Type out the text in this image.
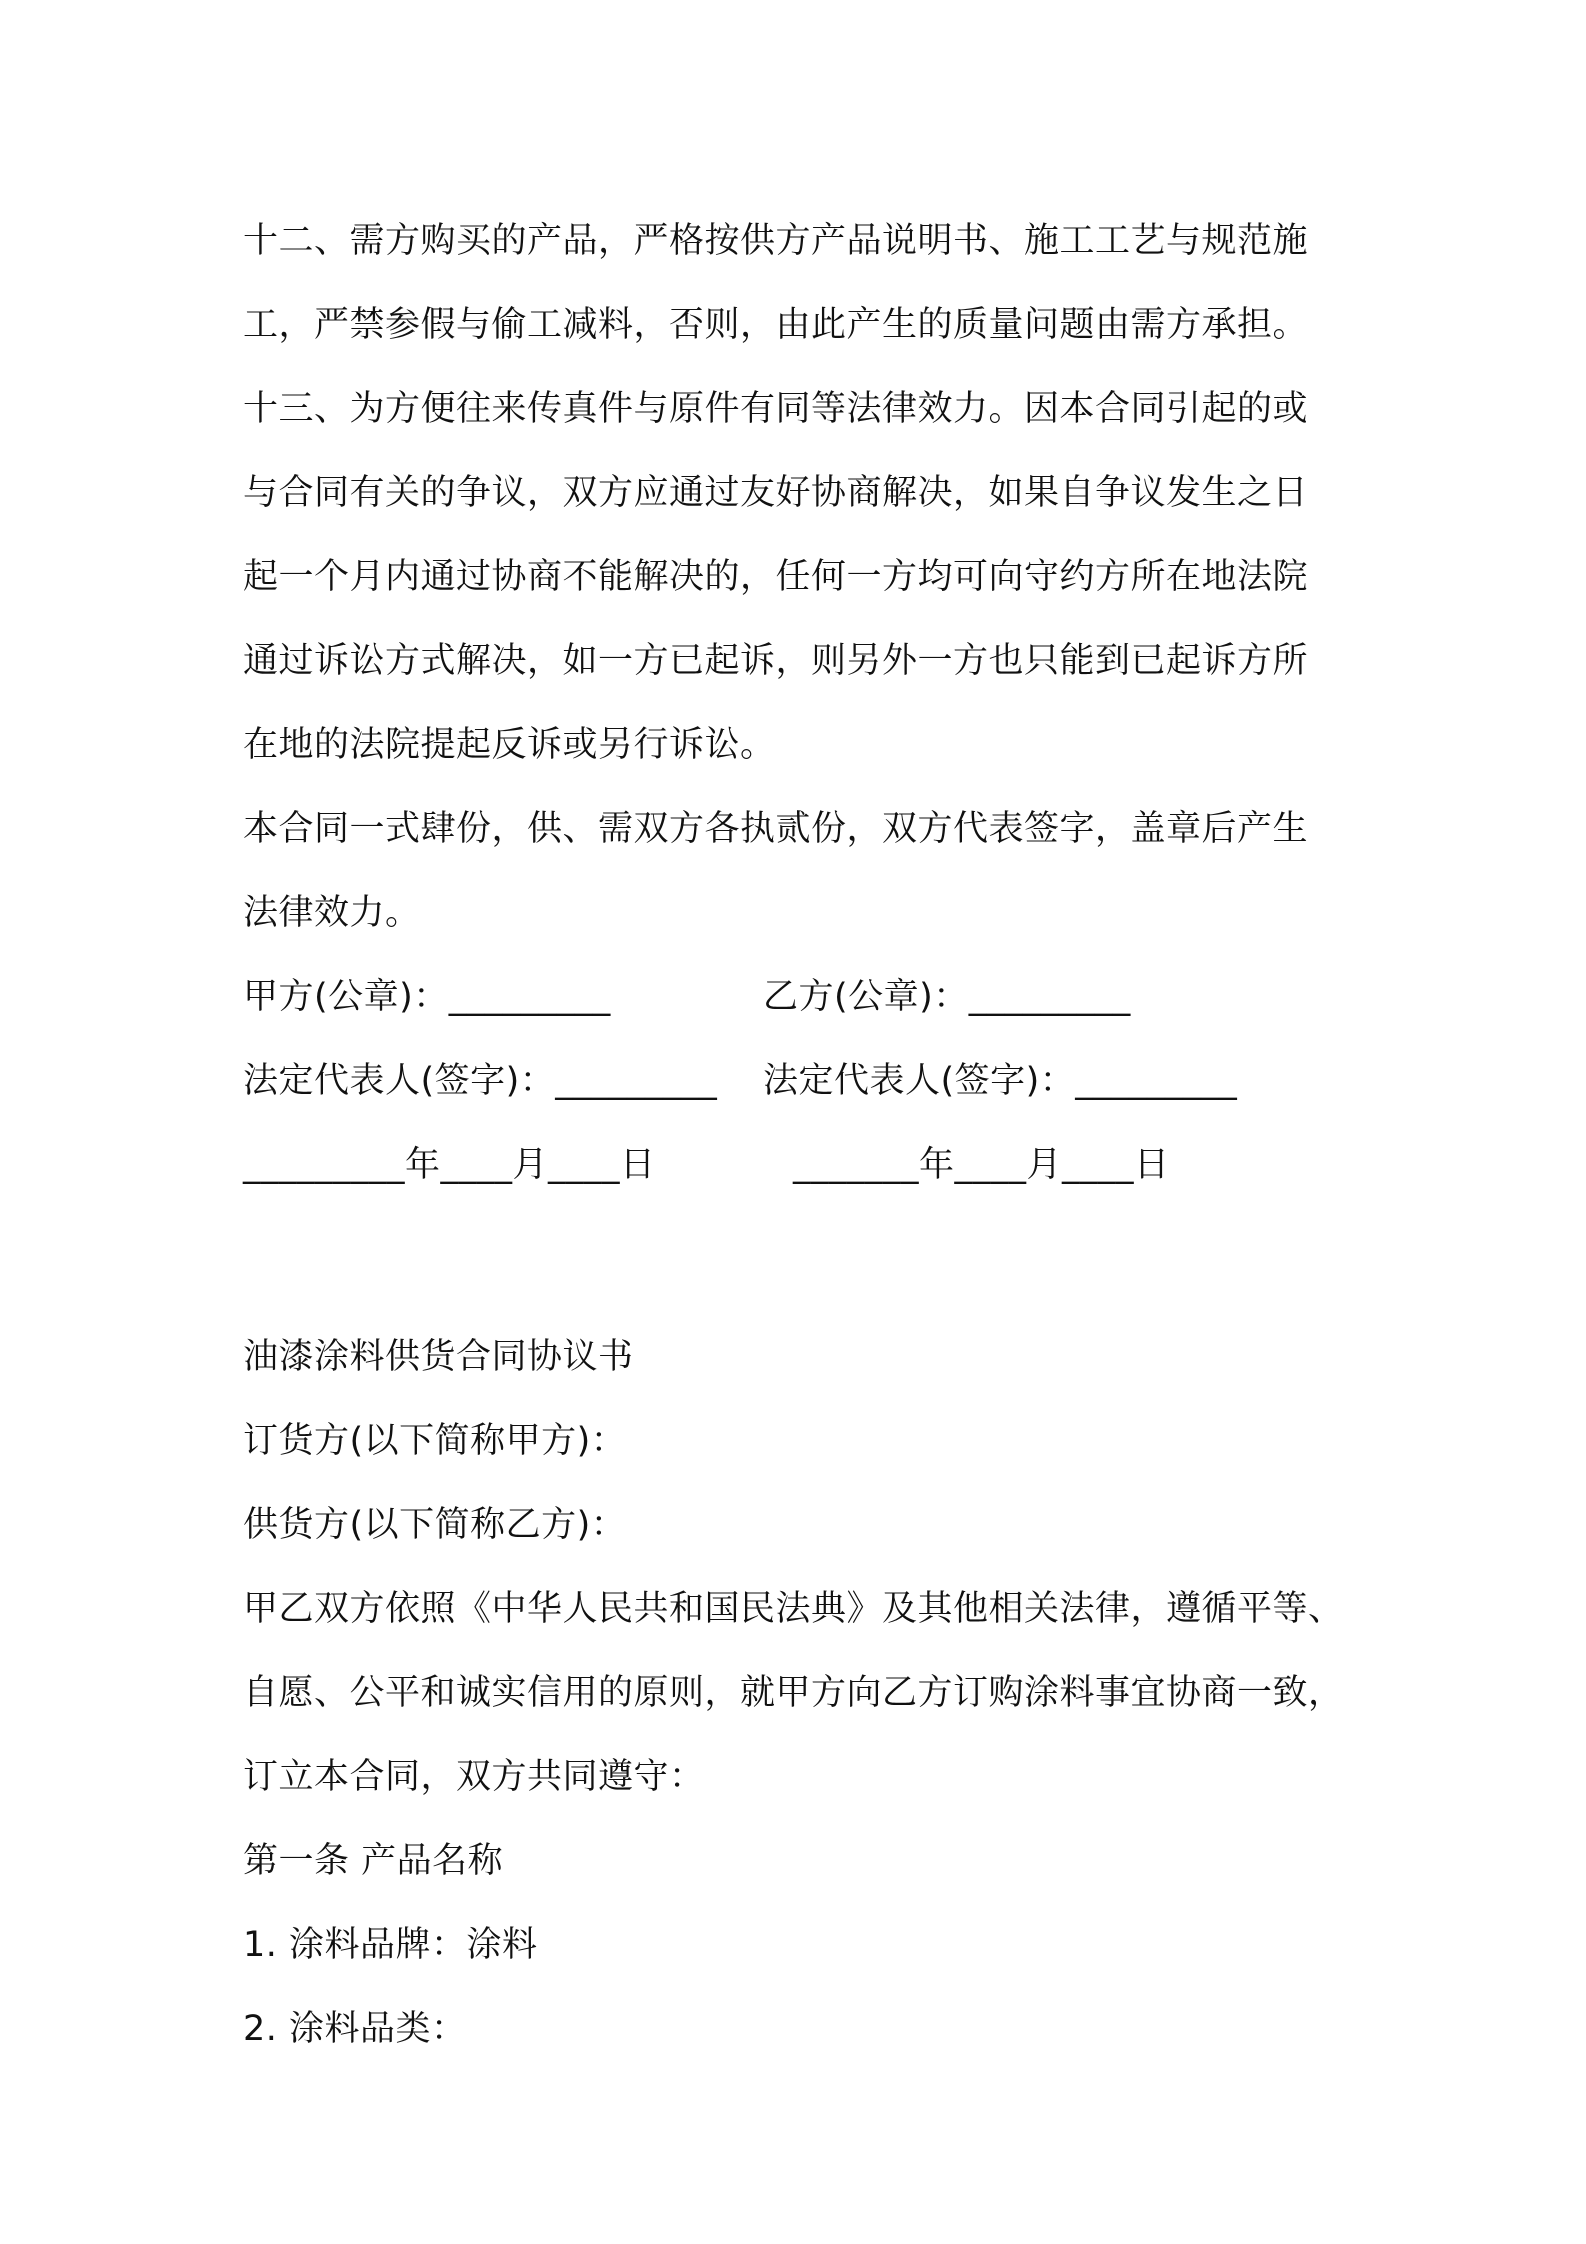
十二、需方购买的产品，严格按供方产品说明书、施工工艺与规范施
工，严禁参假与偷工减料，否则，由此产生的质量问题由需方承担。
十三、为方便往来传真件与原件有同等法律效力。因本合同引起的或
与合同有关的争议，双方应通过友好协商解决，如果自争议发生之日
起一个月内通过协商不能解决的，任何一方均可向守约方所在地法院
通过诉讼方式解决，如一方已起诉，则另外一方也只能到已起诉方所
在地的法院提起反诉或另行诉讼。
本合同一式肆份，供、需双方各执贰份，双方代表签字，盖章后产生
法律效力。
甲方(公章)：_________	乙方(公章)：_________
法定代表人(签字)：_________	法定代表人(签字)：_________
_________年____月____日	_______年____月____日
油漆涂料供货合同协议书
订货方(以下简称甲方)：
供货方(以下简称乙方)：
甲乙双方依照《中华人民共和国民法典》及其他相关法律，遵循平等、
自愿、公平和诚实信用的原则，就甲方向乙方订购涂料事宜协商一致，
订立本合同，双方共同遵守：
第一条 产品名称
1. 涂料品牌：涂料
2. 涂料品类：
